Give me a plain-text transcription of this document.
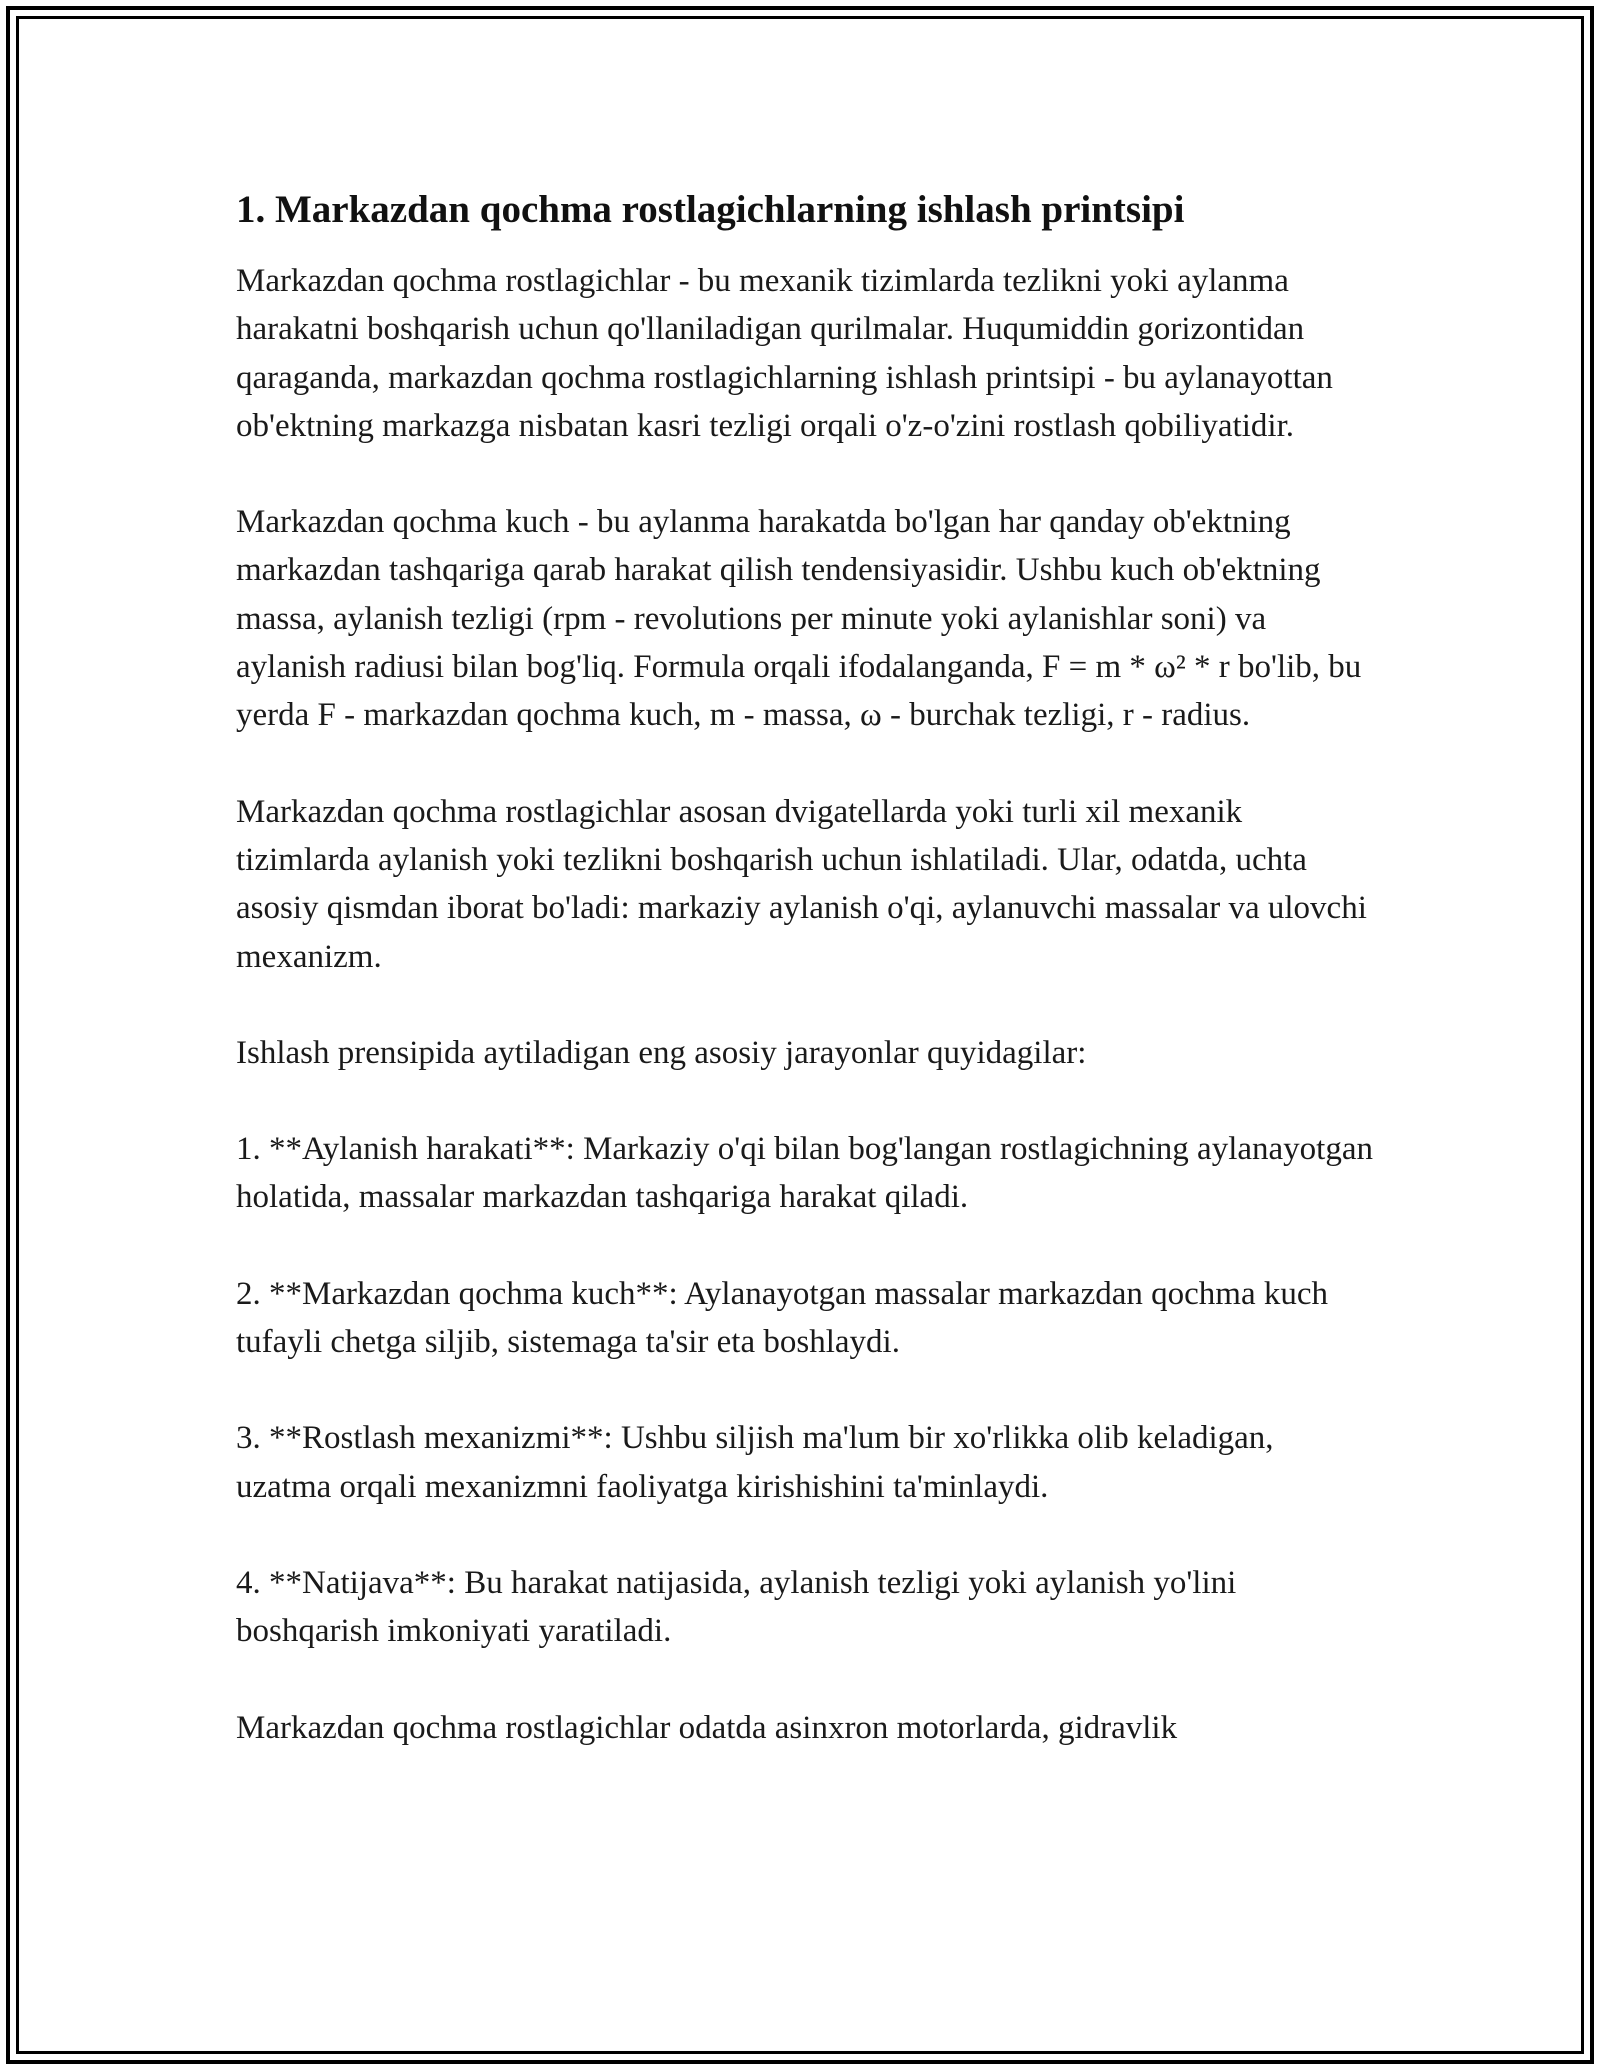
1. Markazdan qochma rostlagichlarning ishlash printsipi

Markazdan qochma rostlagichlar - bu mexanik tizimlarda tezlikni yoki aylanma harakatni boshqarish uchun qo'llaniladigan qurilmalar. Huqumiddin gorizontidan qaraganda, markazdan qochma rostlagichlarning ishlash printsipi - bu aylanayottan ob'ektning markazga nisbatan kasri tezligi orqali o'z-o'zini rostlash qobiliyatidir.

Markazdan qochma kuch - bu aylanma harakatda bo'lgan har qanday ob'ektning markazdan tashqariga qarab harakat qilish tendensiyasidir. Ushbu kuch ob'ektning massa, aylanish tezligi (rpm - revolutions per minute yoki aylanishlar soni) va aylanish radiusi bilan bog'liq. Formula orqali ifodalanganda, F = m * ω² * r bo'lib, bu yerda F - markazdan qochma kuch, m - massa, ω - burchak tezligi, r - radius.

Markazdan qochma rostlagichlar asosan dvigatellarda yoki turli xil mexanik tizimlarda aylanish yoki tezlikni boshqarish uchun ishlatiladi. Ular, odatda, uchta asosiy qismdan iborat bo'ladi: markaziy aylanish o'qi, aylanuvchi massalar va ulovchi mexanizm.

Ishlash prensipida aytiladigan eng asosiy jarayonlar quyidagilar:

1. **Aylanish harakati**: Markaziy o'qi bilan bog'langan rostlagichning aylanayotgan holatida, massalar markazdan tashqariga harakat qiladi.

2. **Markazdan qochma kuch**: Aylanayotgan massalar markazdan qochma kuch tufayli chetga siljib, sistemaga ta'sir eta boshlaydi.

3. **Rostlash mexanizmi**: Ushbu siljish ma'lum bir xo'rlikka olib keladigan, uzatma orqali mexanizmni faoliyatga kirishishini ta'minlaydi.

4. **Natijava**: Bu harakat natijasida, aylanish tezligi yoki aylanish yo'lini boshqarish imkoniyati yaratiladi.

Markazdan qochma rostlagichlar odatda asinxron motorlarda, gidravlik
